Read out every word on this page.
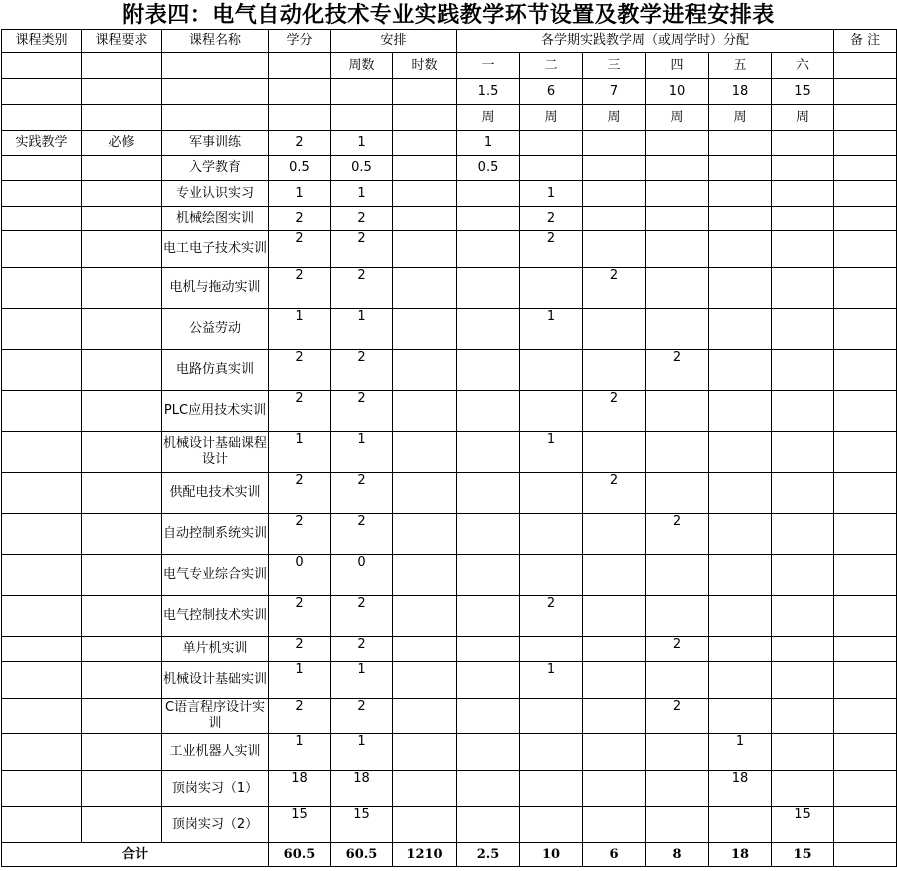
附表四：电气自动化技术专业实践教学环节设置及教学进程安排表
课程类别	课程要求	课程名称	学分	安排		各学期实践教学周（或周学时）分配						备 注
				周数	时数	一	二	三	四	五	六	
						1.5	6	7	10	18	15	
						周	周	周	周	周	周	
实践教学	必修	军事训练	2	1		1						
		入学教育	0.5	0.5		0.5						
		专业认识实习	1	1			1					
		机械绘图实训	2	2			2					
		电工电子技术实训	2	2			2					
		电机与拖动实训	2	2				2				
		公益劳动	1	1			1					
		电路仿真实训	2	2					2			
		PLC应用技术实训	2	2				2				
		机械设计基础课程设计	1	1			1					
		供配电技术实训	2	2				2				
		自动控制系统实训	2	2					2			
		电气专业综合实训	0	0								
		电气控制技术实训	2	2			2					
		单片机实训	2	2					2			
		机械设计基础实训	1	1			1					
		C语言程序设计实训	2	2					2			
		工业机器人实训	1	1						1		
		顶岗实习（1）	18	18						18		
		顶岗实习（2）	15	15							15	
合计			60.5	60.5	1210	2.5	10	6	8	18	15	
